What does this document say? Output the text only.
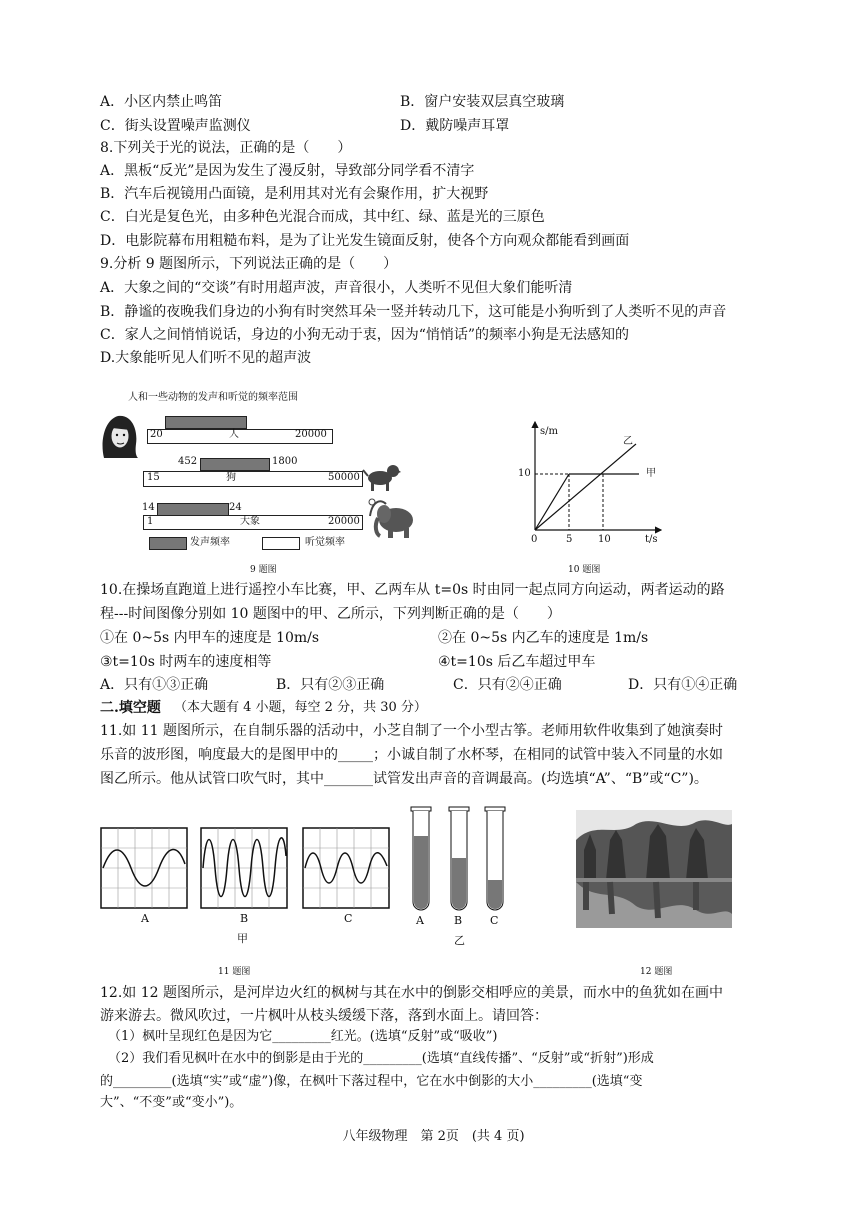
A．小区内禁止鸣笛	B．窗户安装双层真空玻璃
C．街头设置噪声监测仪	D．戴防噪声耳罩
8.下列关于光的说法，正确的是（　　）
A．黑板“反光”是因为发生了漫反射，导致部分同学看不清字
B．汽车后视镜用凸面镜，是利用其对光有会聚作用，扩大视野
C．白光是复色光，由多种色光混合而成，其中红、绿、蓝是光的三原色
D．电影院幕布用粗糙布料，是为了让光发生镜面反射，使各个方向观众都能看到画面
9.分析 9 题图所示，下列说法正确的是（　　）
A．大象之间的“交谈”有时用超声波，声音很小，人类听不见但大象们能听清
B．静谧的夜晚我们身边的小狗有时突然耳朵一竖并转动几下，这可能是小狗听到了人类听不见的声音
C．家人之间悄悄说话，身边的小狗无动于衷，因为“悄悄话”的频率小狗是无法感知的
D.大象能听见人们听不见的超声波
人和一些动物的发声和听觉的频率范围
20	人	20000
452	1800
15	狗	50000
14	24
1	大象	20000
发声频率	听觉频率
9 题图
s/m
乙
甲
10
0	5	10	t/s
10 题图
10.在操场直跑道上进行遥控小车比赛，甲、乙两车从 t=0s 时由同一起点同方向运动，两者运动的路
程---时间图像分别如 10 题图中的甲、乙所示，下列判断正确的是（　　）
①在 0~5s 内甲车的速度是 10m/s	②在 0~5s 内乙车的速度是 1m/s
③t=10s 时两车的速度相等	④t=10s 后乙车超过甲车
A．只有①③正确	B．只有②③正确	C．只有②④正确	D．只有①④正确
二.填空题 （本大题有 4 小题，每空 2 分，共 30 分）
11.如 11 题图所示，在自制乐器的活动中，小芝自制了一个小型古筝。老师用软件收集到了她演奏时
乐音的波形图，响度最大的是图甲中的_____；小诚自制了水杯琴，在相同的试管中装入不同量的水如
图乙所示。他从试管口吹气时，其中_______试管发出声音的音调最高。(均选填“A”、“B”或“C”)。
A	B	C
甲
A	B	C
乙
11 题图	12 题图
12.如 12 题图所示，是河岸边火红的枫树与其在水中的倒影交相呼应的美景，而水中的鱼犹如在画中
游来游去。微风吹过，一片枫叶从枝头缓缓下落，落到水面上。请回答：
（1）枫叶呈现红色是因为它_________红光。(选填“反射”或“吸收”)
（2）我们看见枫叶在水中的倒影是由于光的_________(选填“直线传播”、“反射”或“折射”)形成
的_________(选填“实”或“虚”)像，在枫叶下落过程中，它在水中倒影的大小_________(选填“变
大”、“不变”或“变小”)。
八年级物理　第 2页　(共 4 页)
